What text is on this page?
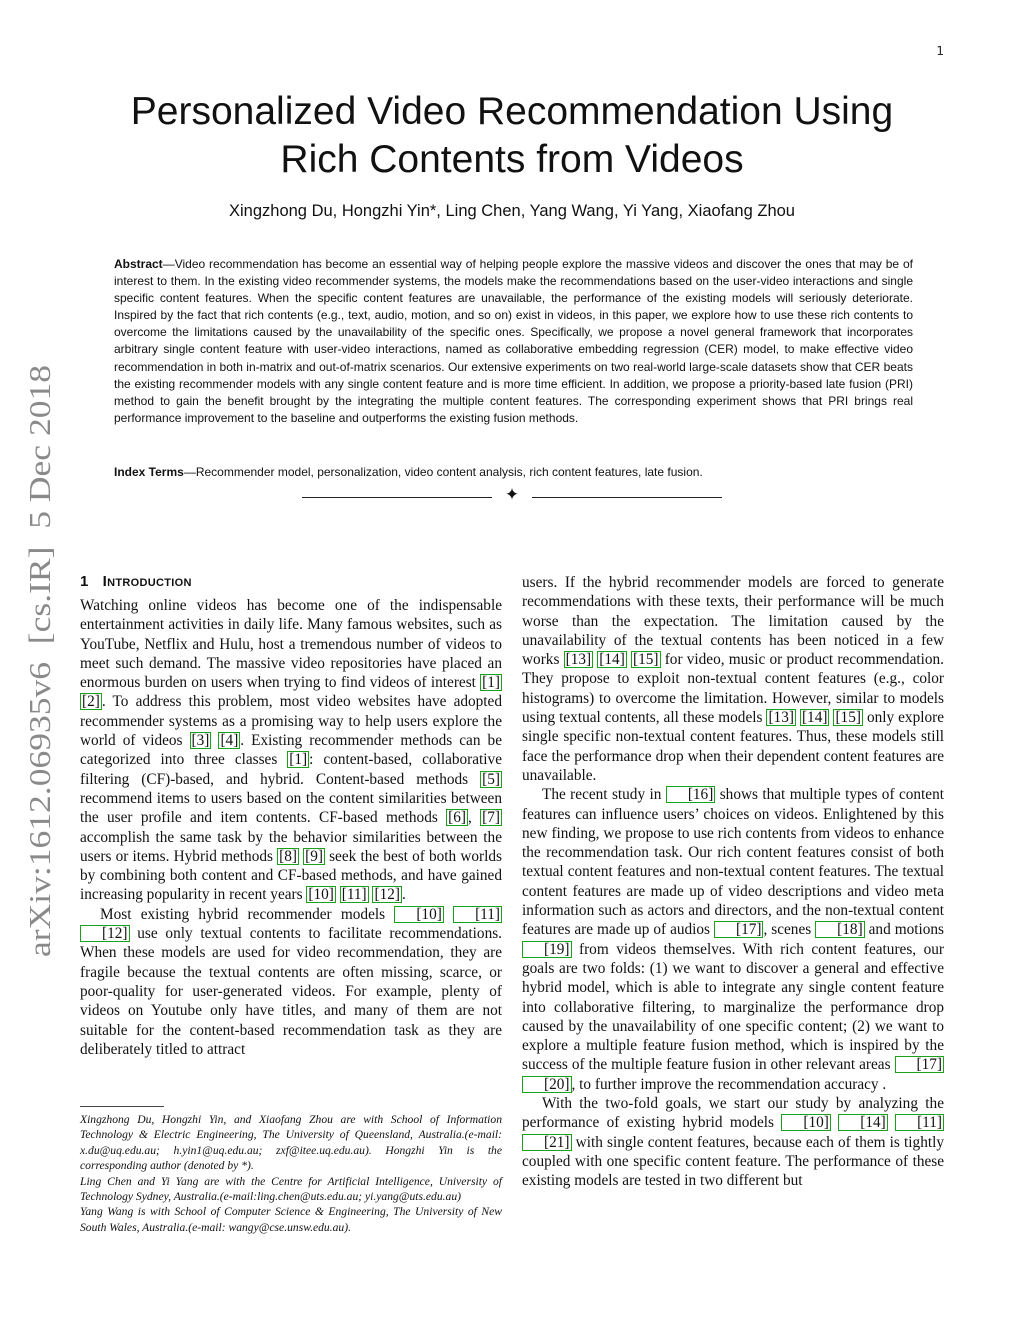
1
arXiv:1612.06935v6  [cs.IR]  5 Dec 2018
Personalized Video Recommendation Using
Rich Contents from Videos
Xingzhong Du, Hongzhi Yin*, Ling Chen, Yang Wang, Yi Yang, Xiaofang Zhou
Abstract—Video recommendation has become an essential way of helping people explore the massive videos and discover the ones that may be of interest to them. In the existing video recommender systems, the models make the recommendations based on the user-video interactions and single specific content features. When the specific content features are unavailable, the performance of the existing models will seriously deteriorate. Inspired by the fact that rich contents (e.g., text, audio, motion, and so on) exist in videos, in this paper, we explore how to use these rich contents to overcome the limitations caused by the unavailability of the specific ones. Specifically, we propose a novel general framework that incorporates arbitrary single content feature with user-video interactions, named as collaborative embedding regression (CER) model, to make effective video recommendation in both in-matrix and out-of-matrix scenarios. Our extensive experiments on two real-world large-scale datasets show that CER beats the existing recommender models with any single content feature and is more time efficient. In addition, we propose a priority-based late fusion (PRI) method to gain the benefit brought by the integrating the multiple content features. The corresponding experiment shows that PRI brings real performance improvement to the baseline and outperforms the existing fusion methods.
Index Terms—Recommender model, personalization, video content analysis, rich content features, late fusion.
✦
1 Introduction

Watching online videos has become one of the indispensable entertainment activities in daily life. Many famous websites, such as YouTube, Netflix and Hulu, host a tremendous number of videos to meet such demand. The massive video repositories have placed an enormous burden on users when trying to find videos of interest [1] [2] . To address this problem, most video websites have adopted recommender systems as a promising way to help users explore the world of videos [3] [4] . Existing recommender methods can be categorized into three classes [1] : content-based, collaborative filtering (CF)-based, and hybrid. Content-based methods [5] recommend items to users based on the content similarities between the user profile and item contents. CF-based methods [6] , [7] accomplish the same task by the behavior similarities between the users or items. Hybrid methods [8] [9] seek the best of both worlds by combining both content and CF-based methods, and have gained increasing popularity in recent years [10] [11] [12] .

Most existing hybrid recommender models [10] [11] [12] use only textual contents to facilitate recommendations. When these models are used for video recommendation, they are fragile because the textual contents are often missing, scarce, or poor-quality for user-generated videos. For example, plenty of videos on Youtube only have titles, and many of them are not suitable for the content-based recommendation task as they are deliberately titled to attract

Xingzhong Du, Hongzhi Yin, and Xiaofang Zhou are with School of Information Technology & Electric Engineering, The University of Queensland, Australia.(e-mail: x.du@uq.edu.au; h.yin1@uq.edu.au; zxf@itee.uq.edu.au). Hongzhi Yin is the corresponding author (denoted by *).

Ling Chen and Yi Yang are with the Centre for Artificial Intelligence, University of Technology Sydney, Australia.(e-mail:ling.chen@uts.edu.au; yi.yang@uts.edu.au)

Yang Wang is with School of Computer Science & Engineering, The University of New South Wales, Australia.(e-mail: wangy@cse.unsw.edu.au).

users. If the hybrid recommender models are forced to generate recommendations with these texts, their performance will be much worse than the expectation. The limitation caused by the unavailability of the textual contents has been noticed in a few works [13] [14] [15] for video, music or product recommendation. They propose to exploit non-textual content features (e.g., color histograms) to overcome the limitation. However, similar to models using textual contents, all these models [13] [14] [15] only explore single specific non-textual content features. Thus, these models still face the performance drop when their dependent content features are unavailable.

The recent study in [16] shows that multiple types of content features can influence users’ choices on videos. Enlightened by this new finding, we propose to use rich contents from videos to enhance the recommendation task. Our rich content features consist of both textual content features and non-textual content features. The textual content features are made up of video descriptions and video meta information such as actors and directors, and the non-textual content features are made up of audios [17] , scenes [18] and motions [19] from videos themselves. With rich content features, our goals are two folds: (1) we want to discover a general and effective hybrid model, which is able to integrate any single content feature into collaborative filtering, to marginalize the performance drop caused by the unavailability of one specific content; (2) we want to explore a multiple feature fusion method, which is inspired by the success of the multiple feature fusion in other relevant areas [17] [20] , to further improve the recommendation accuracy .

With the two-fold goals, we start our study by analyzing the performance of existing hybrid models [10] [14] [11] [21] with single content features, because each of them is tightly coupled with one specific content feature. The performance of these existing models are tested in two different but
